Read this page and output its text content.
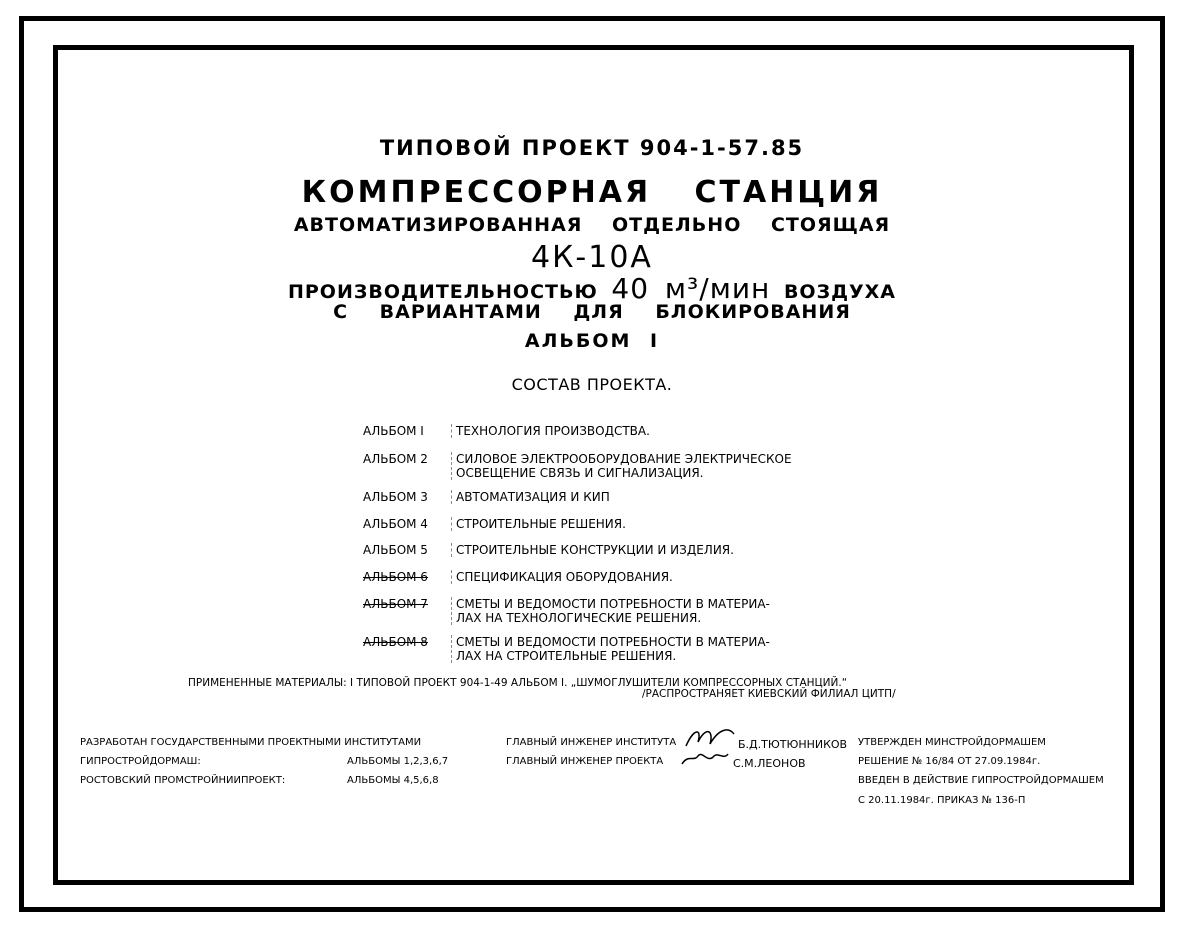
ТИПОВОЙ ПРОЕКТ 904-1-57.85
КОМПРЕССОРНАЯ СТАНЦИЯ
АВТОМАТИЗИРОВАННАЯ ОТДЕЛЬНО СТОЯЩАЯ
4К-10А
ПРОИЗВОДИТЕЛЬНОСТЬЮ 40 м³/мин ВОЗДУХА
С ВАРИАНТАМИ ДЛЯ БЛОКИРОВАНИЯ
АЛЬБОМ I
СОСТАВ ПРОЕКТА.
АЛЬБОМ I	ТЕХНОЛОГИЯ ПРОИЗВОДСТВА.
АЛЬБОМ 2	СИЛОВОЕ ЭЛЕКТРООБОРУДОВАНИЕ ЭЛЕКТРИЧЕСКОЕ
ОСВЕЩЕНИЕ СВЯЗЬ И СИГНАЛИЗАЦИЯ.
АЛЬБОМ 3	АВТОМАТИЗАЦИЯ И КИП
АЛЬБОМ 4	СТРОИТЕЛЬНЫЕ РЕШЕНИЯ.
АЛЬБОМ 5	СТРОИТЕЛЬНЫЕ КОНСТРУКЦИИ И ИЗДЕЛИЯ.
АЛЬБОМ 6	СПЕЦИФИКАЦИЯ ОБОРУДОВАНИЯ.
АЛЬБОМ 7	СМЕТЫ И ВЕДОМОСТИ ПОТРЕБНОСТИ В МАТЕРИА-
ЛАХ НА ТЕХНОЛОГИЧЕСКИЕ РЕШЕНИЯ.
АЛЬБОМ 8	СМЕТЫ И ВЕДОМОСТИ ПОТРЕБНОСТИ В МАТЕРИА-
ЛАХ НА СТРОИТЕЛЬНЫЕ РЕШЕНИЯ.
ПРИМЕНЕННЫЕ МАТЕРИАЛЫ: I ТИПОВОЙ ПРОЕКТ 904-1-49 АЛЬБОМ I. „ШУМОГЛУШИТЕЛИ КОМПРЕССОРНЫХ СТАНЦИЙ.“
/РАСПРОСТРАНЯЕТ КИЕВСКИЙ ФИЛИАЛ ЦИТП/
РАЗРАБОТАН ГОСУДАРСТВЕННЫМИ ПРОЕКТНЫМИ ИНСТИТУТАМИ
ГИПРОСТРОЙДОРМАШ:	АЛЬБОМЫ 1,2,3,6,7
РОСТОВСКИЙ ПРОМСТРОЙНИИПРОЕКТ:	АЛЬБОМЫ 4,5,6,8
ГЛАВНЫЙ ИНЖЕНЕР ИНСТИТУТА	Б.Д.ТЮТЮННИКОВ
ГЛАВНЫЙ ИНЖЕНЕР ПРОЕКТА	С.М.ЛЕОНОВ
УТВЕРЖДЕН МИНСТРОЙДОРМАШЕМ
РЕШЕНИЕ № 16/84 ОТ 27.09.1984г.
ВВЕДЕН В ДЕЙСТВИЕ ГИПРОСТРОЙДОРМАШЕМ
С 20.11.1984г. ПРИКАЗ № 136-П
